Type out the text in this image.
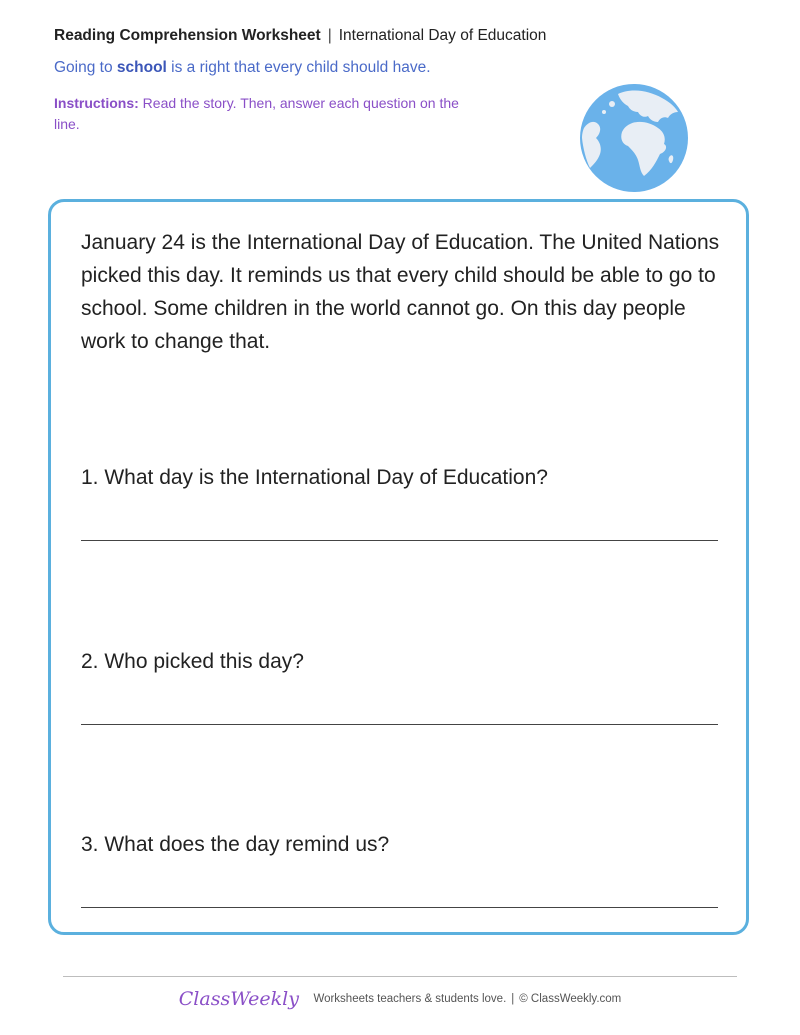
Reading Comprehension Worksheet | International Day of Education
Going to school is a right that every child should have.
Instructions: Read the story. Then, answer each question on the line.
January 24 is the International Day of Education. The United Nations picked this day. It reminds us that every child should be able to go to school. Some children in the world cannot go. On this day people work to change that.
1. What day is the International Day of Education?
2. Who picked this day?
3. What does the day remind us?
ClassWeekly Worksheets teachers & students love. | © ClassWeekly.com
